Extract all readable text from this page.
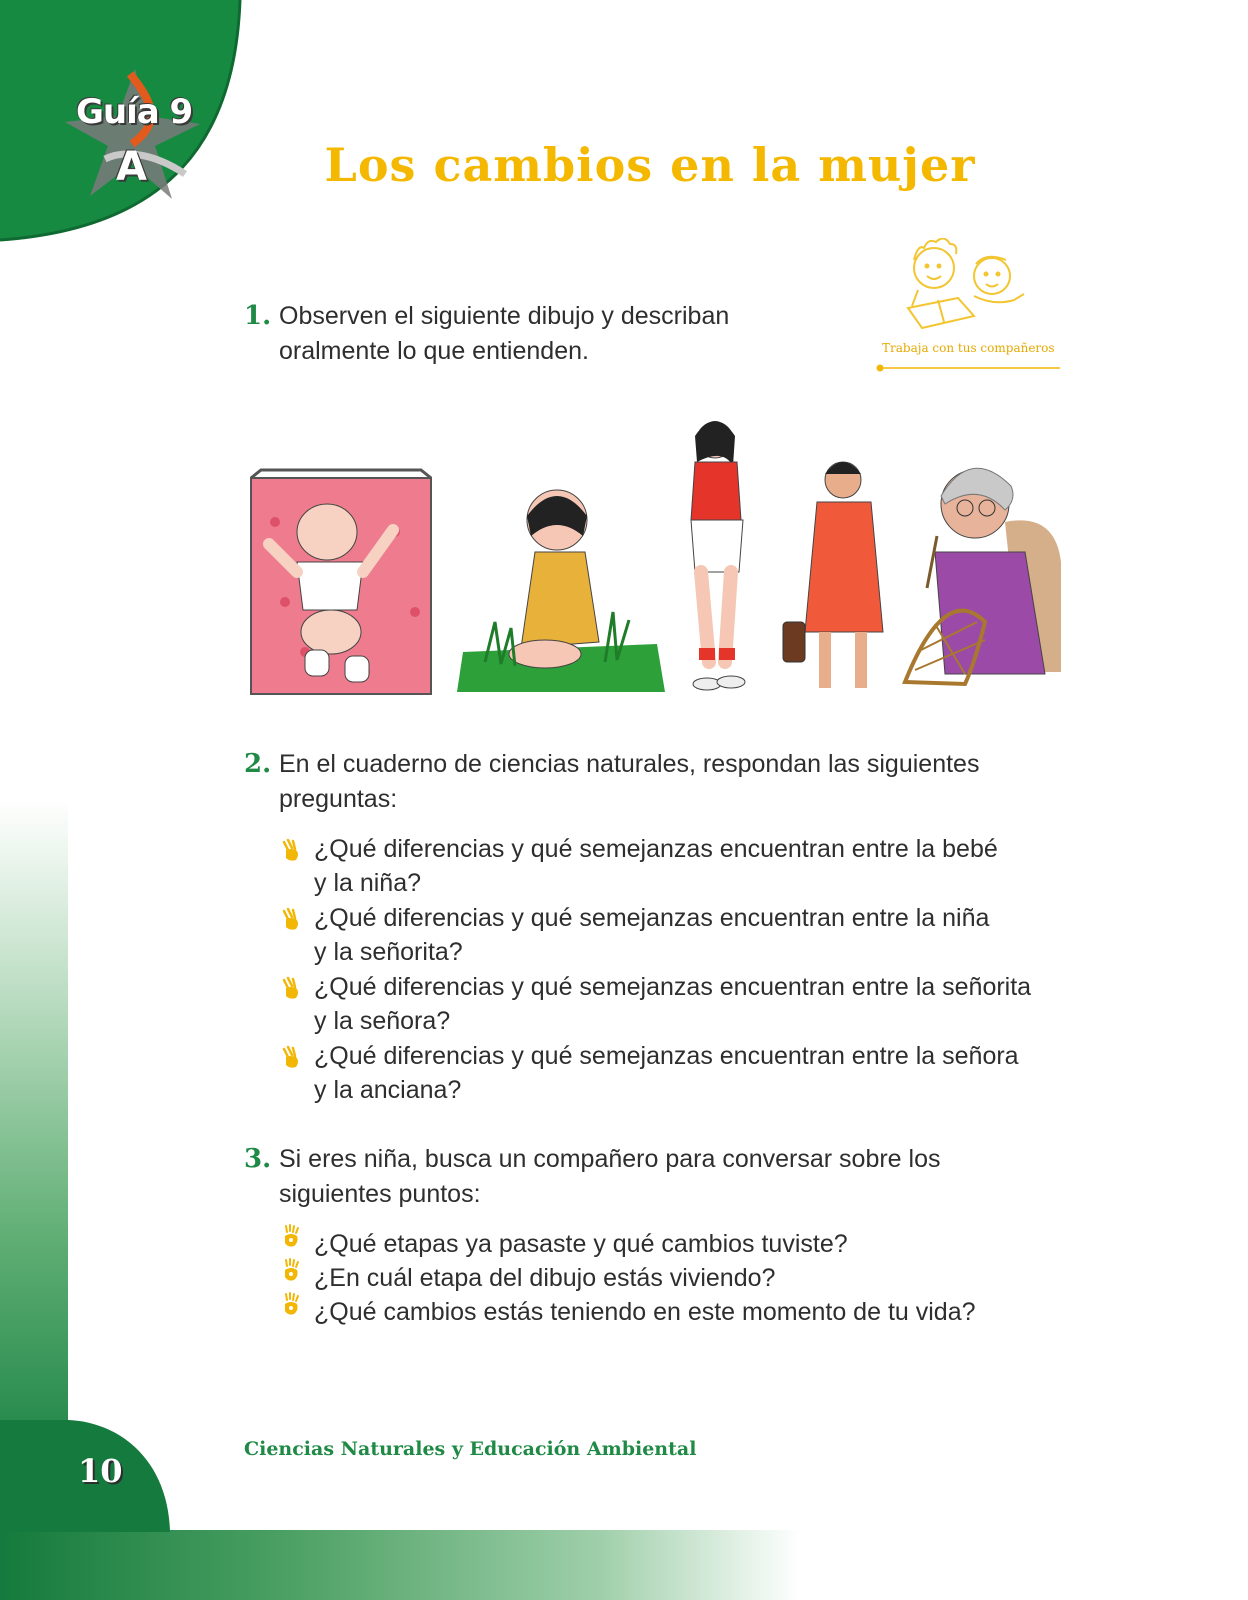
Guía 9
A	Los cambios en la mujer
Trabaja con tus compañeros
1. Observen el siguiente dibujo y describan
oralmente lo que entienden.
2. En el cuaderno de ciencias naturales, respondan las siguientes
preguntas:
¿Qué diferencias y qué semejanzas encuentran entre la bebé
y la niña?
¿Qué diferencias y qué semejanzas encuentran entre la niña
y la señorita?
¿Qué diferencias y qué semejanzas encuentran entre la señorita
y la señora?
¿Qué diferencias y qué semejanzas encuentran entre la señora
y la anciana?
3. Si eres niña, busca un compañero para conversar sobre los
siguientes puntos:
¿Qué etapas ya pasaste y qué cambios tuviste?
¿En cuál etapa del dibujo estás viviendo?
¿Qué cambios estás teniendo en este momento de tu vida?
Ciencias Naturales y Educación Ambiental
10
